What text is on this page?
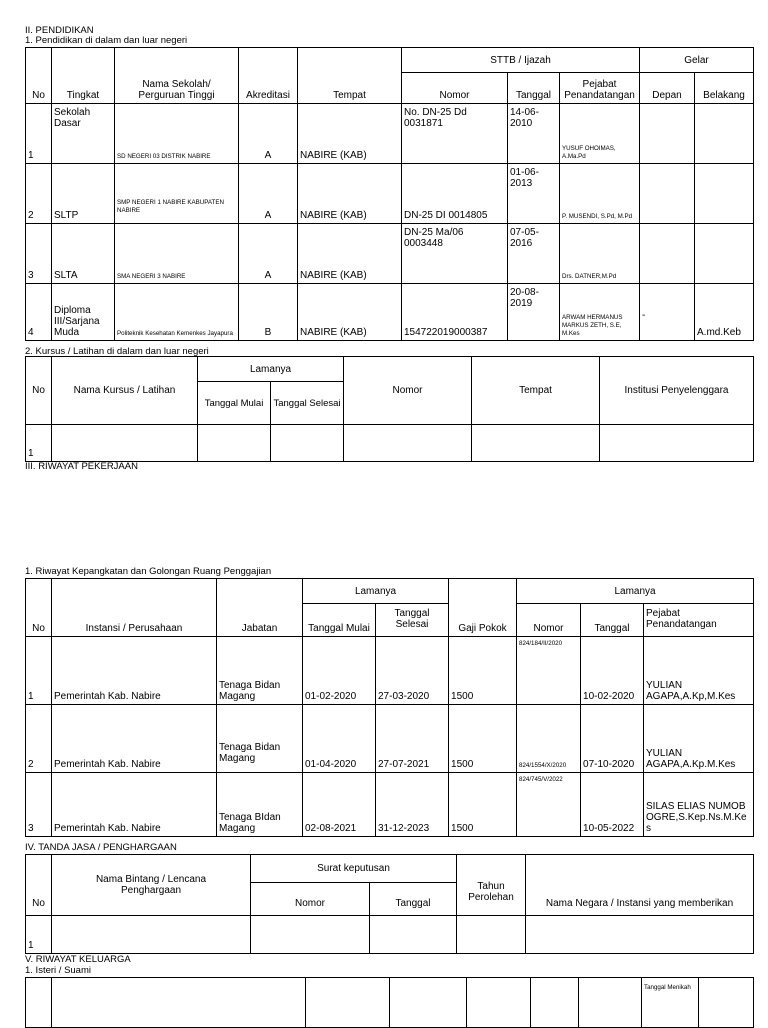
II. PENDIDIKAN
1. Pendidikan di dalam dan luar negeri
No	Tingkat	Nama Sekolah/
Perguruan Tinggi	Akreditasi	Tempat	STTB / Ijazah			Gelar	
					Nomor	Tanggal	Pejabat
Penandatangan	Depan	Belakang
1	Sekolah Dasar	SD NEGERI 03 DISTRIK NABIRE	A	NABIRE (KAB)	No. DN-25 Dd 0031871	14-06-2010	YUSUF OHOIMAS, A.Ma.Pd		
2	SLTP	SMP NEGERI 1 NABIRE KABUPATEN NABIRE	A	NABIRE (KAB)	DN-25 DI 0014805	01-06-2013	P. MUSENDI, S.Pd, M.Pd		
3	SLTA	SMA NEGERI 3 NABIRE	A	NABIRE (KAB)	DN-25 Ma/06 0003448	07-05-2016	Drs. DATNER,M.Pd		
4	Diploma III/Sarjana Muda	Politeknik Kesehatan Kemenkes Jayapura	B	NABIRE (KAB)	154722019000387	20-08-2019	ARWAM HERMANUS MARKUS ZETH, S.E, M.Kes	-	A.md.Keb
2. Kursus / Latihan di dalam dan luar negeri
No	Nama Kursus / Latihan	Lamanya		Nomor	Tempat	Institusi Penyelenggara
		Tanggal Mulai	Tanggal Selesai			
1						
III. RIWAYAT PEKERJAAN
1. Riwayat Kepangkatan dan Golongan Ruang Penggajian
No	Instansi / Perusahaan	Jabatan	Lamanya		Gaji Pokok	Lamanya		
			Tanggal Mulai	Tanggal Selesai		Nomor	Tanggal	Pejabat Penandatangan
1	Pemerintah Kab. Nabire	Tenaga Bidan Magang	01-02-2020	27-03-2020	1500	824/184/II/2020	10-02-2020	YULIAN AGAPA,A.Kp,M.Kes
2	Pemerintah Kab. Nabire	Tenaga Bidan Magang	01-04-2020	27-07-2021	1500	824/1554/X/2020	07-10-2020	YULIAN AGAPA,A.Kp.M.Kes
3	Pemerintah Kab. Nabire	Tenaga BIdan Magang	02-08-2021	31-12-2023	1500	824/745/V/2022	10-05-2022	SILAS ELIAS NUMOBOGRE,S.Kep.Ns.M.Kes
IV. TANDA JASA / PENGHARGAAN
No	Nama Bintang / Lencana
Penghargaan	Surat keputusan		Tahun
Perolehan	Nama Negara / Instansi yang memberikan
		Nomor	Tanggal		
1					
V. RIWAYAT KELUARGA
1. Isteri / Suami
							Tanggal Menikah	
